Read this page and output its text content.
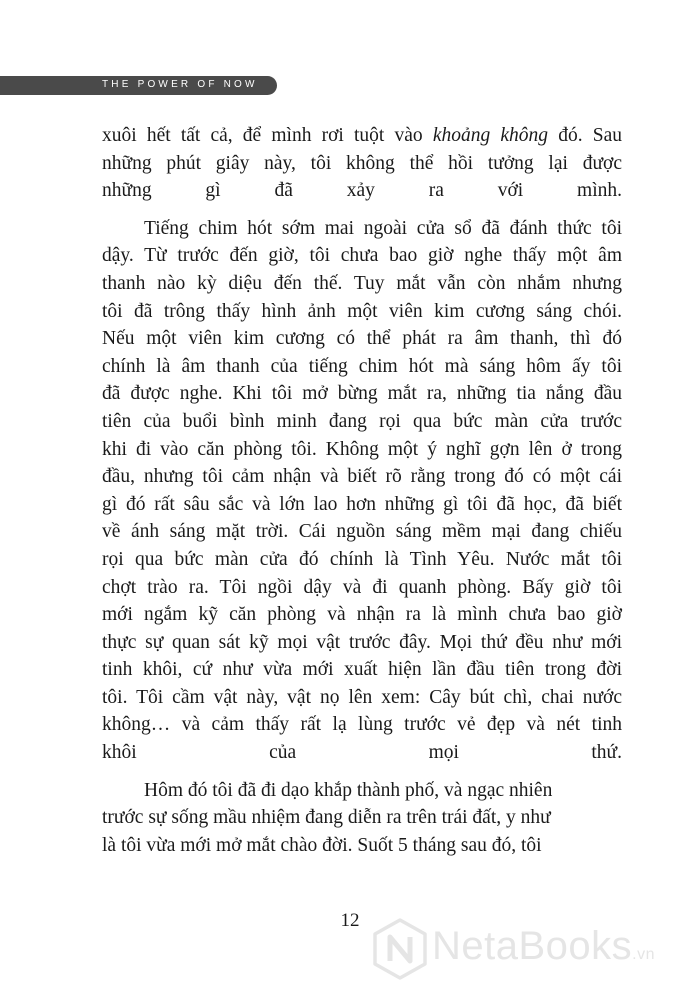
THE POWER OF NOW

xuôi hết tất cả, để mình rơi tuột vào khoảng không đó. Sau
những phút giây này, tôi không thể hồi tưởng lại được
những gì đã xảy ra với mình.

Tiếng chim hót sớm mai ngoài cửa sổ đã đánh thức tôi
dậy. Từ trước đến giờ, tôi chưa bao giờ nghe thấy một âm
thanh nào kỳ diệu đến thế. Tuy mắt vẫn còn nhắm nhưng
tôi đã trông thấy hình ảnh một viên kim cương sáng chói.
Nếu một viên kim cương có thể phát ra âm thanh, thì đó
chính là âm thanh của tiếng chim hót mà sáng hôm ấy tôi
đã được nghe. Khi tôi mở bừng mắt ra, những tia nắng đầu
tiên của buổi bình minh đang rọi qua bức màn cửa trước
khi đi vào căn phòng tôi. Không một ý nghĩ gợn lên ở trong
đầu, nhưng tôi cảm nhận và biết rõ rằng trong đó có một cái
gì đó rất sâu sắc và lớn lao hơn những gì tôi đã học, đã biết
về ánh sáng mặt trời. Cái nguồn sáng mềm mại đang chiếu
rọi qua bức màn cửa đó chính là Tình Yêu. Nước mắt tôi
chợt trào ra. Tôi ngồi dậy và đi quanh phòng. Bấy giờ tôi
mới ngắm kỹ căn phòng và nhận ra là mình chưa bao giờ
thực sự quan sát kỹ mọi vật trước đây. Mọi thứ đều như mới
tinh khôi, cứ như vừa mới xuất hiện lần đầu tiên trong đời
tôi. Tôi cầm vật này, vật nọ lên xem: Cây bút chì, chai nước
không… và cảm thấy rất lạ lùng trước vẻ đẹp và nét tinh
khôi của mọi thứ.

Hôm đó tôi đã đi dạo khắp thành phố, và ngạc nhiên
trước sự sống mầu nhiệm đang diễn ra trên trái đất, y như
là tôi vừa mới mở mắt chào đời. Suốt 5 tháng sau đó, tôi

12
NetaBooks.vn
